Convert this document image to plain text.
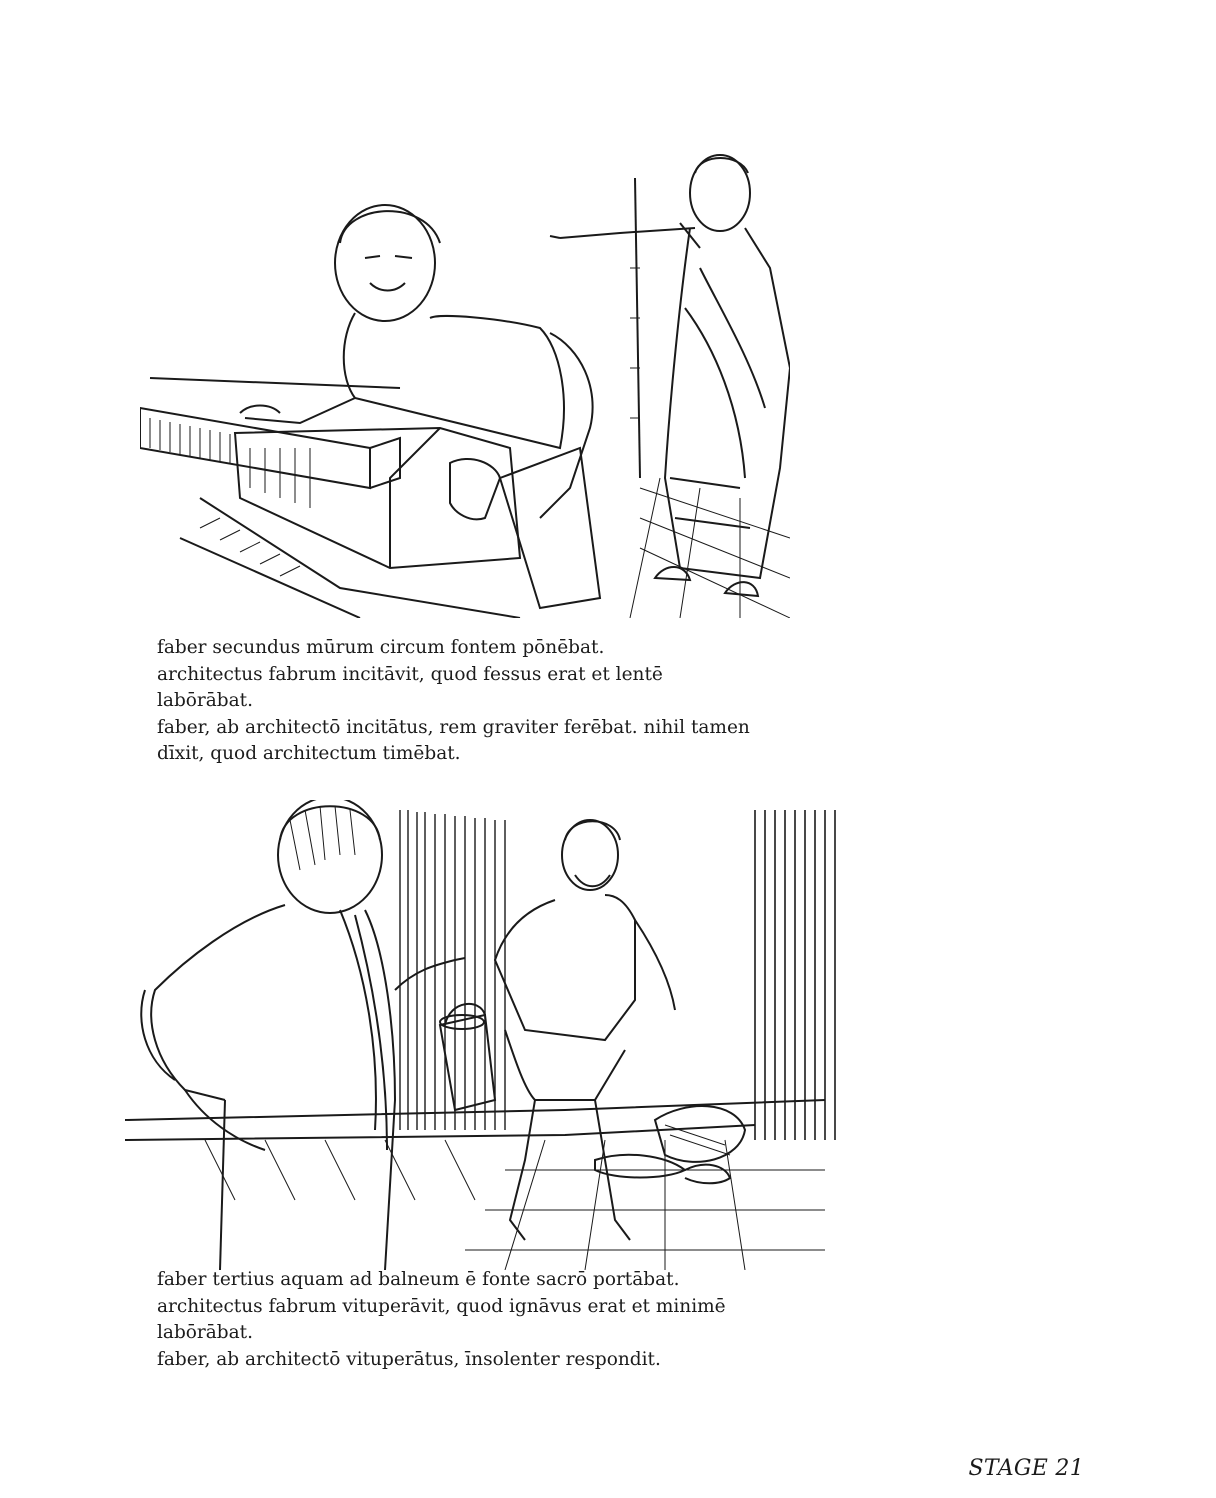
faber secundus mūrum circum fontem pōnēbat.

architectus fabrum incitāvit, quod fessus erat et lentē

labōrābat.

faber, ab architectō incitātus, rem graviter ferēbat. nihil tamen

dīxit, quod architectum timēbat.

faber tertius aquam ad balneum ē fonte sacrō portābat.

architectus fabrum vituperāvit, quod ignāvus erat et minimē

labōrābat.

faber, ab architectō vituperātus, īnsolenter respondit.

STAGE 21
